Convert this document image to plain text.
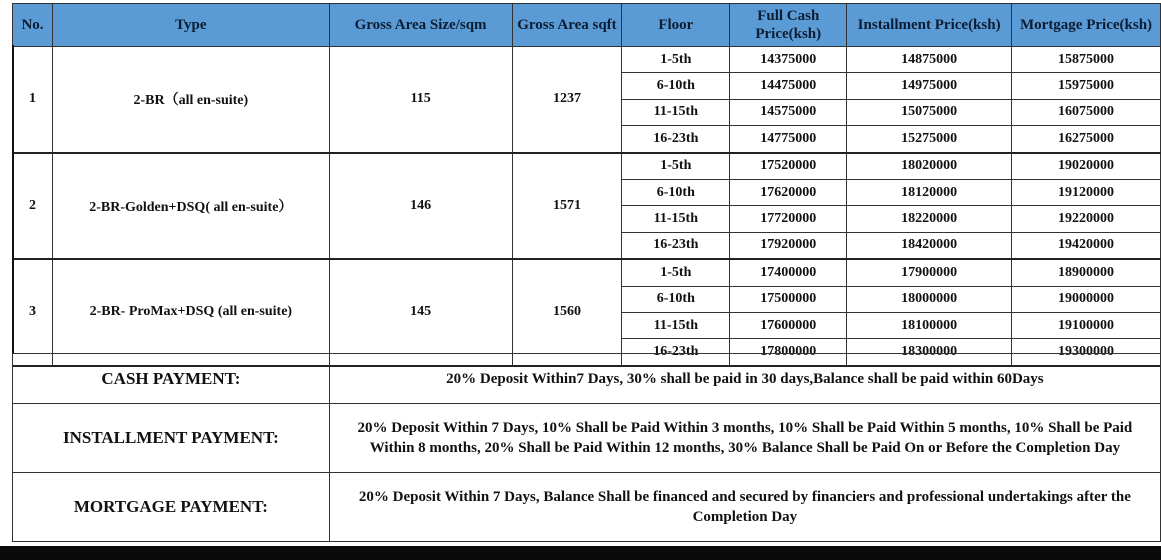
No.	Type	Gross Area Size/sqm	Gross Area sqft	Floor	Full Cash Price(ksh)	Installment Price(ksh)	Mortgage Price(ksh)
1	2-BR（all en-suite)	115	1237	1-5th	14375000	14875000	15875000
				6-10th	14475000	14975000	15975000
				11-15th	14575000	15075000	16075000
				16-23th	14775000	15275000	16275000
2	2-BR-Golden+DSQ( all en-suite）	146	1571	1-5th	17520000	18020000	19020000
				6-10th	17620000	18120000	19120000
				11-15th	17720000	18220000	19220000
				16-23th	17920000	18420000	19420000
3	2-BR- ProMax+DSQ (all en-suite)	145	1560	1-5th	17400000	17900000	18900000
				6-10th	17500000	18000000	19000000
				11-15th	17600000	18100000	19100000
				16-23th	17800000	18300000	19300000
CASH PAYMENT:	20% Deposit Within7 Days, 30% shall be paid in 30 days,Balance shall be paid within 60Days
INSTALLMENT PAYMENT:	20% Deposit Within 7 Days, 10% Shall be Paid Within 3 months, 10% Shall be Paid Within 5 months, 10% Shall be Paid Within 8 months, 20% Shall be Paid Within 12 months, 30% Balance Shall be Paid On or Before the Completion Day
MORTGAGE PAYMENT:	20% Deposit Within 7 Days, Balance Shall be financed and secured by financiers and professional undertakings after the Completion Day
